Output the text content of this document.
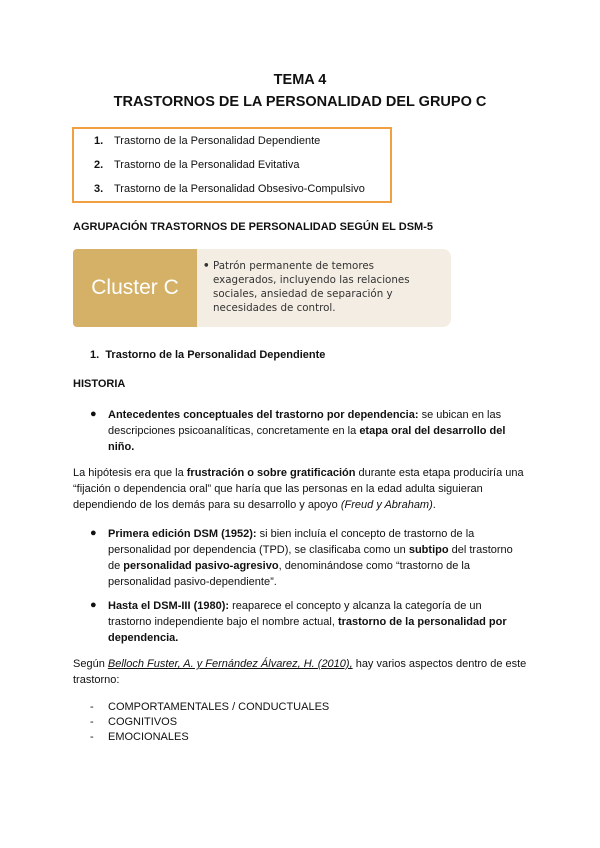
TEMA 4
TRASTORNOS DE LA PERSONALIDAD DEL GRUPO C
1. Trastorno de la Personalidad Dependiente
2. Trastorno de la Personalidad Evitativa
3. Trastorno de la Personalidad Obsesivo-Compulsivo
AGRUPACIÓN TRASTORNOS DE PERSONALIDAD SEGÚN EL DSM-5
Cluster C
• Patrón permanente de temores
exagerados, incluyendo las relaciones
sociales, ansiedad de separación y
necesidades de control.
1. Trastorno de la Personalidad Dependiente
HISTORIA
● Antecedentes conceptuales del trastorno por dependencia: se ubican en las descripciones psicoanalíticas, concretamente en la etapa oral del desarrollo del niño.
La hipótesis era que la frustración o sobre gratificación durante esta etapa produciría una “fijación o dependencia oral” que haría que las personas en la edad adulta siguieran dependiendo de los demás para su desarrollo y apoyo (Freud y Abraham).
● Primera edición DSM (1952): si bien incluía el concepto de trastorno de la personalidad por dependencia (TPD), se clasificaba como un subtipo del trastorno de personalidad pasivo-agresivo, denominándose como “trastorno de la personalidad pasivo-dependiente”.
● Hasta el DSM-III (1980): reaparece el concepto y alcanza la categoría de un trastorno independiente bajo el nombre actual, trastorno de la personalidad por dependencia.
Según Belloch Fuster, A. y Fernández Álvarez, H. (2010), hay varios aspectos dentro de este trastorno:
- COMPORTAMENTALES / CONDUCTUALES
- COGNITIVOS
- EMOCIONALES
